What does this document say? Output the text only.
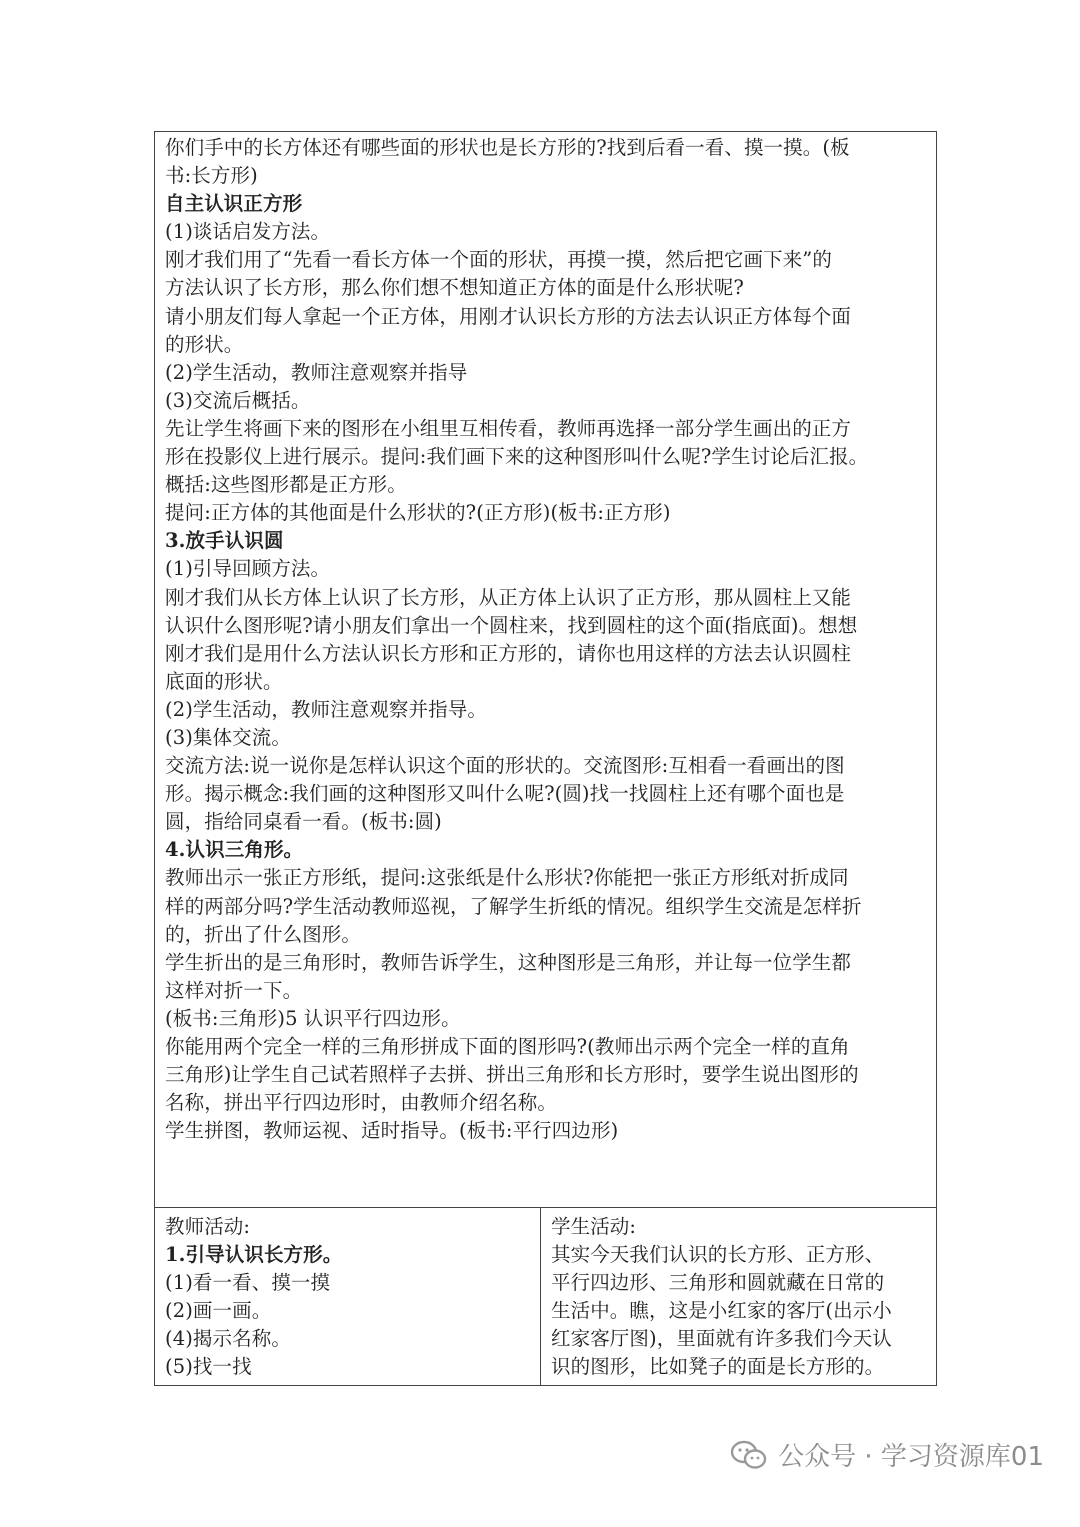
你们手中的长方体还有哪些面的形状也是长方形的?找到后看一看、摸一摸。(板
书:长方形)
自主认识正方形
(1)谈话启发方法。
刚才我们用了“先看一看长方体一个面的形状，再摸一摸，然后把它画下来”的
方法认识了长方形，那么你们想不想知道正方体的面是什么形状呢?
请小朋友们每人拿起一个正方体，用刚才认识长方形的方法去认识正方体每个面
的形状。
(2)学生活动，教师注意观察并指导
(3)交流后概括。
先让学生将画下来的图形在小组里互相传看，教师再选择一部分学生画出的正方
形在投影仪上进行展示。提问:我们画下来的这种图形叫什么呢?学生讨论后汇报。
概括:这些图形都是正方形。
提问:正方体的其他面是什么形状的?(正方形)(板书:正方形)
3.放手认识圆
(1)引导回顾方法。
刚才我们从长方体上认识了长方形，从正方体上认识了正方形，那从圆柱上又能
认识什么图形呢?请小朋友们拿出一个圆柱来，找到圆柱的这个面(指底面)。想想
刚才我们是用什么方法认识长方形和正方形的，请你也用这样的方法去认识圆柱
底面的形状。
(2)学生活动，教师注意观察并指导。
(3)集体交流。
交流方法:说一说你是怎样认识这个面的形状的。交流图形:互相看一看画出的图
形。揭示概念:我们画的这种图形又叫什么呢?(圆)找一找圆柱上还有哪个面也是
圆，指给同桌看一看。(板书:圆)
4.认识三角形。
教师出示一张正方形纸，提问:这张纸是什么形状?你能把一张正方形纸对折成同
样的两部分吗?学生活动教师巡视，了解学生折纸的情况。组织学生交流是怎样折
的，折出了什么图形。
学生折出的是三角形时，教师告诉学生，这种图形是三角形，并让每一位学生都
这样对折一下。
(板书:三角形)5 认识平行四边形。
你能用两个完全一样的三角形拼成下面的图形吗?(教师出示两个完全一样的直角
三角形)让学生自己试若照样子去拼、拼出三角形和长方形时，要学生说出图形的
名称，拼出平行四边形时，由教师介绍名称。
学生拼图，教师运视、适时指导。(板书:平行四边形)
教师活动:
1.引导认识长方形。
(1)看一看、摸一摸
(2)画一画。
(4)揭示名称。
(5)找一找
学生活动:
其实今天我们认识的长方形、正方形、
平行四边形、三角形和圆就藏在日常的
生活中。瞧，这是小红家的客厅(出示小
红家客厅图)，里面就有许多我们今天认
识的图形，比如凳子的面是长方形的。
公众号 · 学习资源库01
